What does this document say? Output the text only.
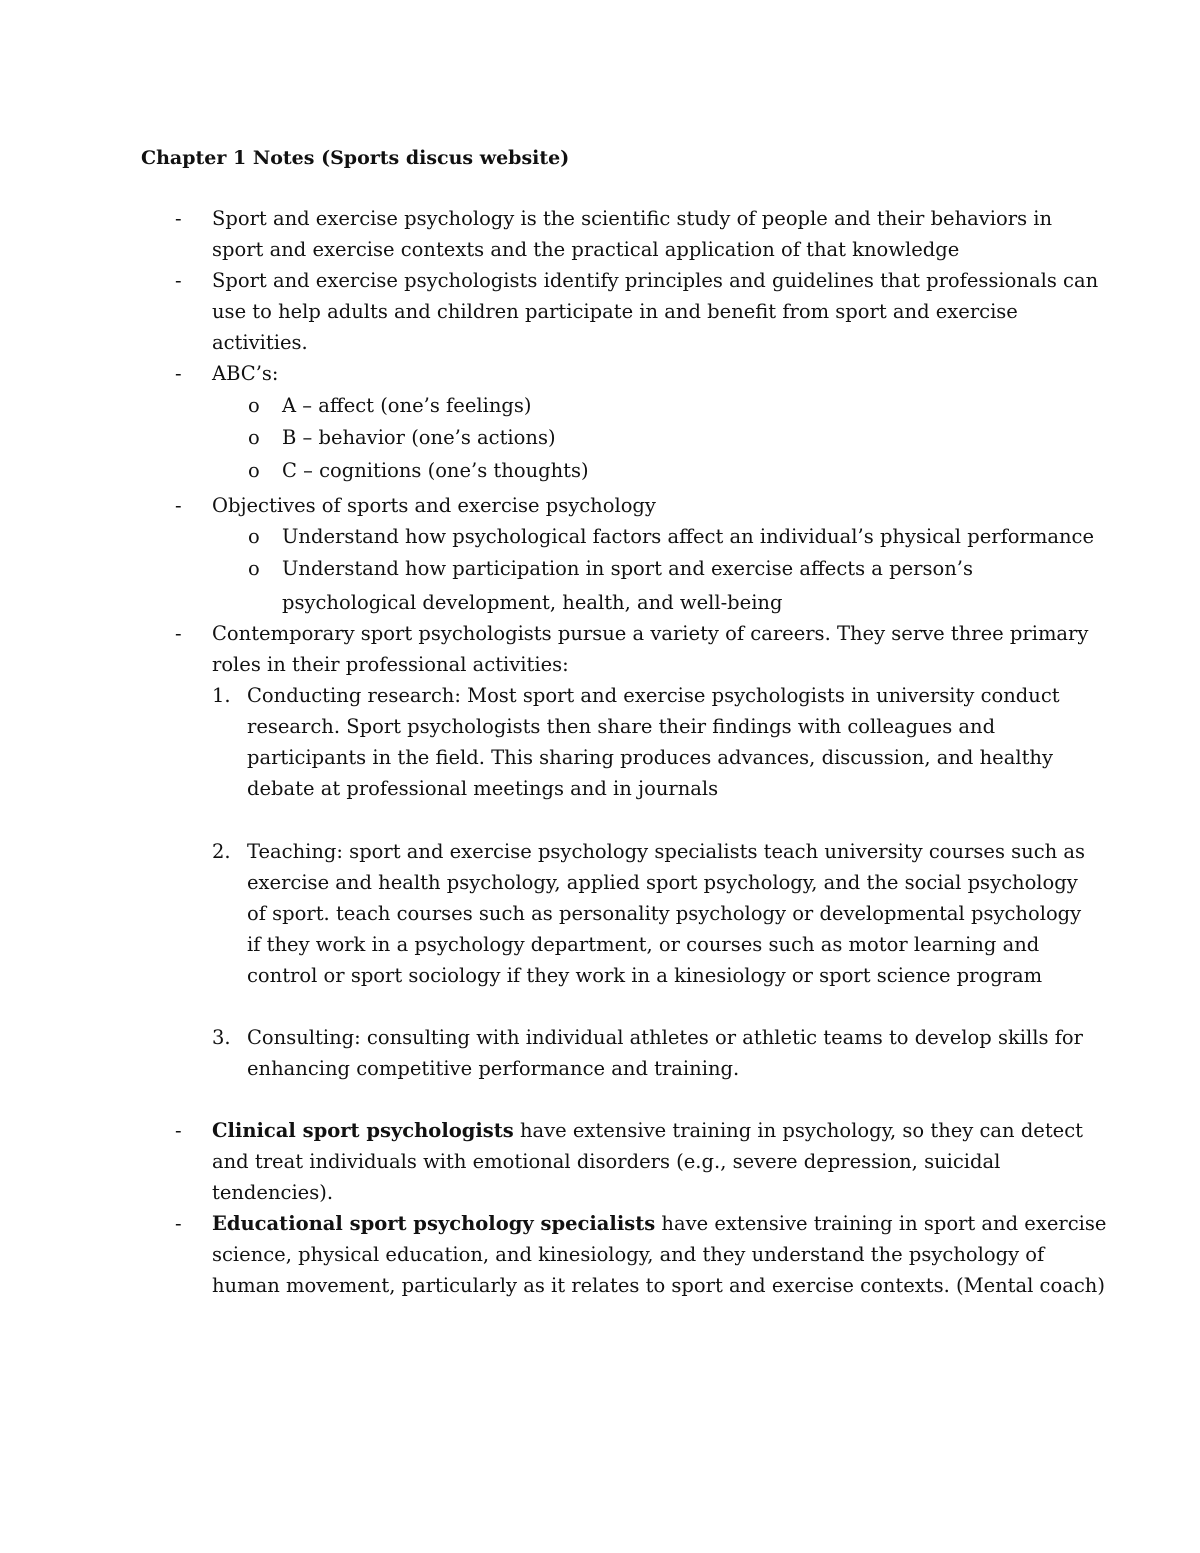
Chapter 1 Notes (Sports discus website)
- Sport and exercise psychology is the scientific study of people and their behaviors in
sport and exercise contexts and the practical application of that knowledge
- Sport and exercise psychologists identify principles and guidelines that professionals can
use to help adults and children participate in and benefit from sport and exercise
activities.
- ABC’s:
o A – affect (one’s feelings)
o B – behavior (one’s actions)
o C – cognitions (one’s thoughts)
- Objectives of sports and exercise psychology
o Understand how psychological factors affect an individual’s physical performance
o Understand how participation in sport and exercise affects a person’s
psychological development, health, and well-being
- Contemporary sport psychologists pursue a variety of careers. They serve three primary
roles in their professional activities:
1. Conducting research: Most sport and exercise psychologists in university conduct
research. Sport psychologists then share their findings with colleagues and
participants in the field. This sharing produces advances, discussion, and healthy
debate at professional meetings and in journals
2. Teaching: sport and exercise psychology specialists teach university courses such as
exercise and health psychology, applied sport psychology, and the social psychology
of sport. teach courses such as personality psychology or developmental psychology
if they work in a psychology department, or courses such as motor learning and
control or sport sociology if they work in a kinesiology or sport science program
3. Consulting: consulting with individual athletes or athletic teams to develop skills for
enhancing competitive performance and training.
- Clinical sport psychologists have extensive training in psychology, so they can detect
and treat individuals with emotional disorders (e.g., severe depression, suicidal
tendencies).
- Educational sport psychology specialists have extensive training in sport and exercise
science, physical education, and kinesiology, and they understand the psychology of
human movement, particularly as it relates to sport and exercise contexts. (Mental coach)
